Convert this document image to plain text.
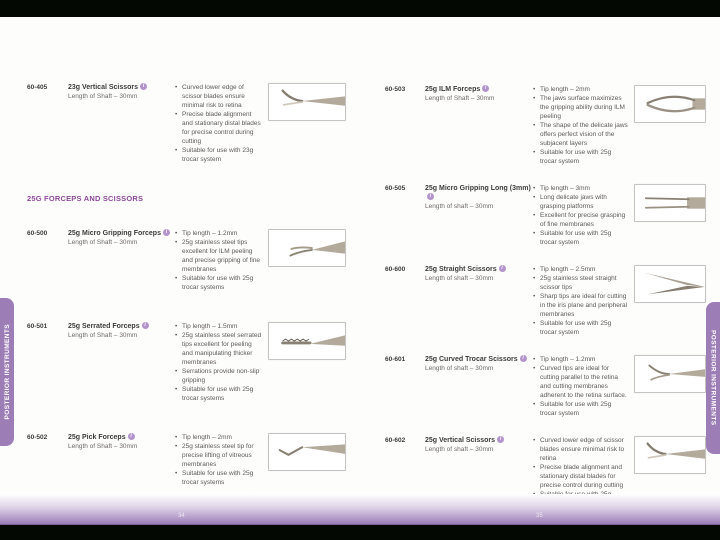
60-405	23g Vertical Scissors i
Length of Shaft – 30mm
• Curved lower edge of scissor blades ensure minimal risk to retina
• Precise blade alignment and stationary distal blades for precise control during cutting
• Suitable for use with 23g trocar system
25G FORCEPS AND SCISSORS
60-500	25g Micro Gripping Forceps i
Length of Shaft – 30mm
• Tip length – 1.2mm
• 25g stainless steel tips excellent for ILM peeling and precise gripping of fine membranes
• Suitable for use with 25g trocar systems
60-501	25g Serrated Forceps i
Length of Shaft – 30mm
• Tip length – 1.5mm
• 25g stainless steel serrated tips excellent for peeling and manipulating thicker membranes
• Serrations provide non-slip gripping
• Suitable for use with 25g trocar systems
60-502	25g Pick Forceps i
Length of Shaft – 30mm
• Tip length – 2mm
• 25g stainless steel tip for precise lifting of vitreous membranes
• Suitable for use with 25g trocar systems
60-503	25g ILM Forceps i
Length of Shaft – 30mm
• Tip length – 2mm
• The jaws surface maximizes the gripping ability during ILM peeling
• The shape of the delicate jaws offers perfect vision of the subjacent layers
• Suitable for use with 25g trocar system
60-505	25g Micro Gripping Long (3mm)i
Length of shaft – 30mm
• Tip length – 3mm
• Long delicate jaws with grasping platforms
• Excellent for precise grasping of fine membranes
• Suitable for use with 25g trocar system
60-600	25g Straight Scissors i
Length of shaft – 30mm
• Tip length – 2.5mm
• 25g stainless steel straight scissor tips
• Sharp tips are ideal for cutting in the iris plane and peripheral membranes
• Suitable for use with 25g trocar system
60-601	25g Curved Trocar Scissors i
Length of shaft – 30mm
• Tip length – 1.2mm
• Curved tips are ideal for cutting parallel to the retina and cutting membranes adherent to the retina surface.
• Suitable for use with 25g trocar system
60-602	25g Vertical Scissors i
Length of shaft – 30mm
• Curved lower edge of scissor blades ensure minimal risk to retina
• Precise blade alignment and stationary distal blades for precise control during cutting
•
POSTERIOR INSTRUMENTS	POSTERIOR INSTRUMENTS
34	35
